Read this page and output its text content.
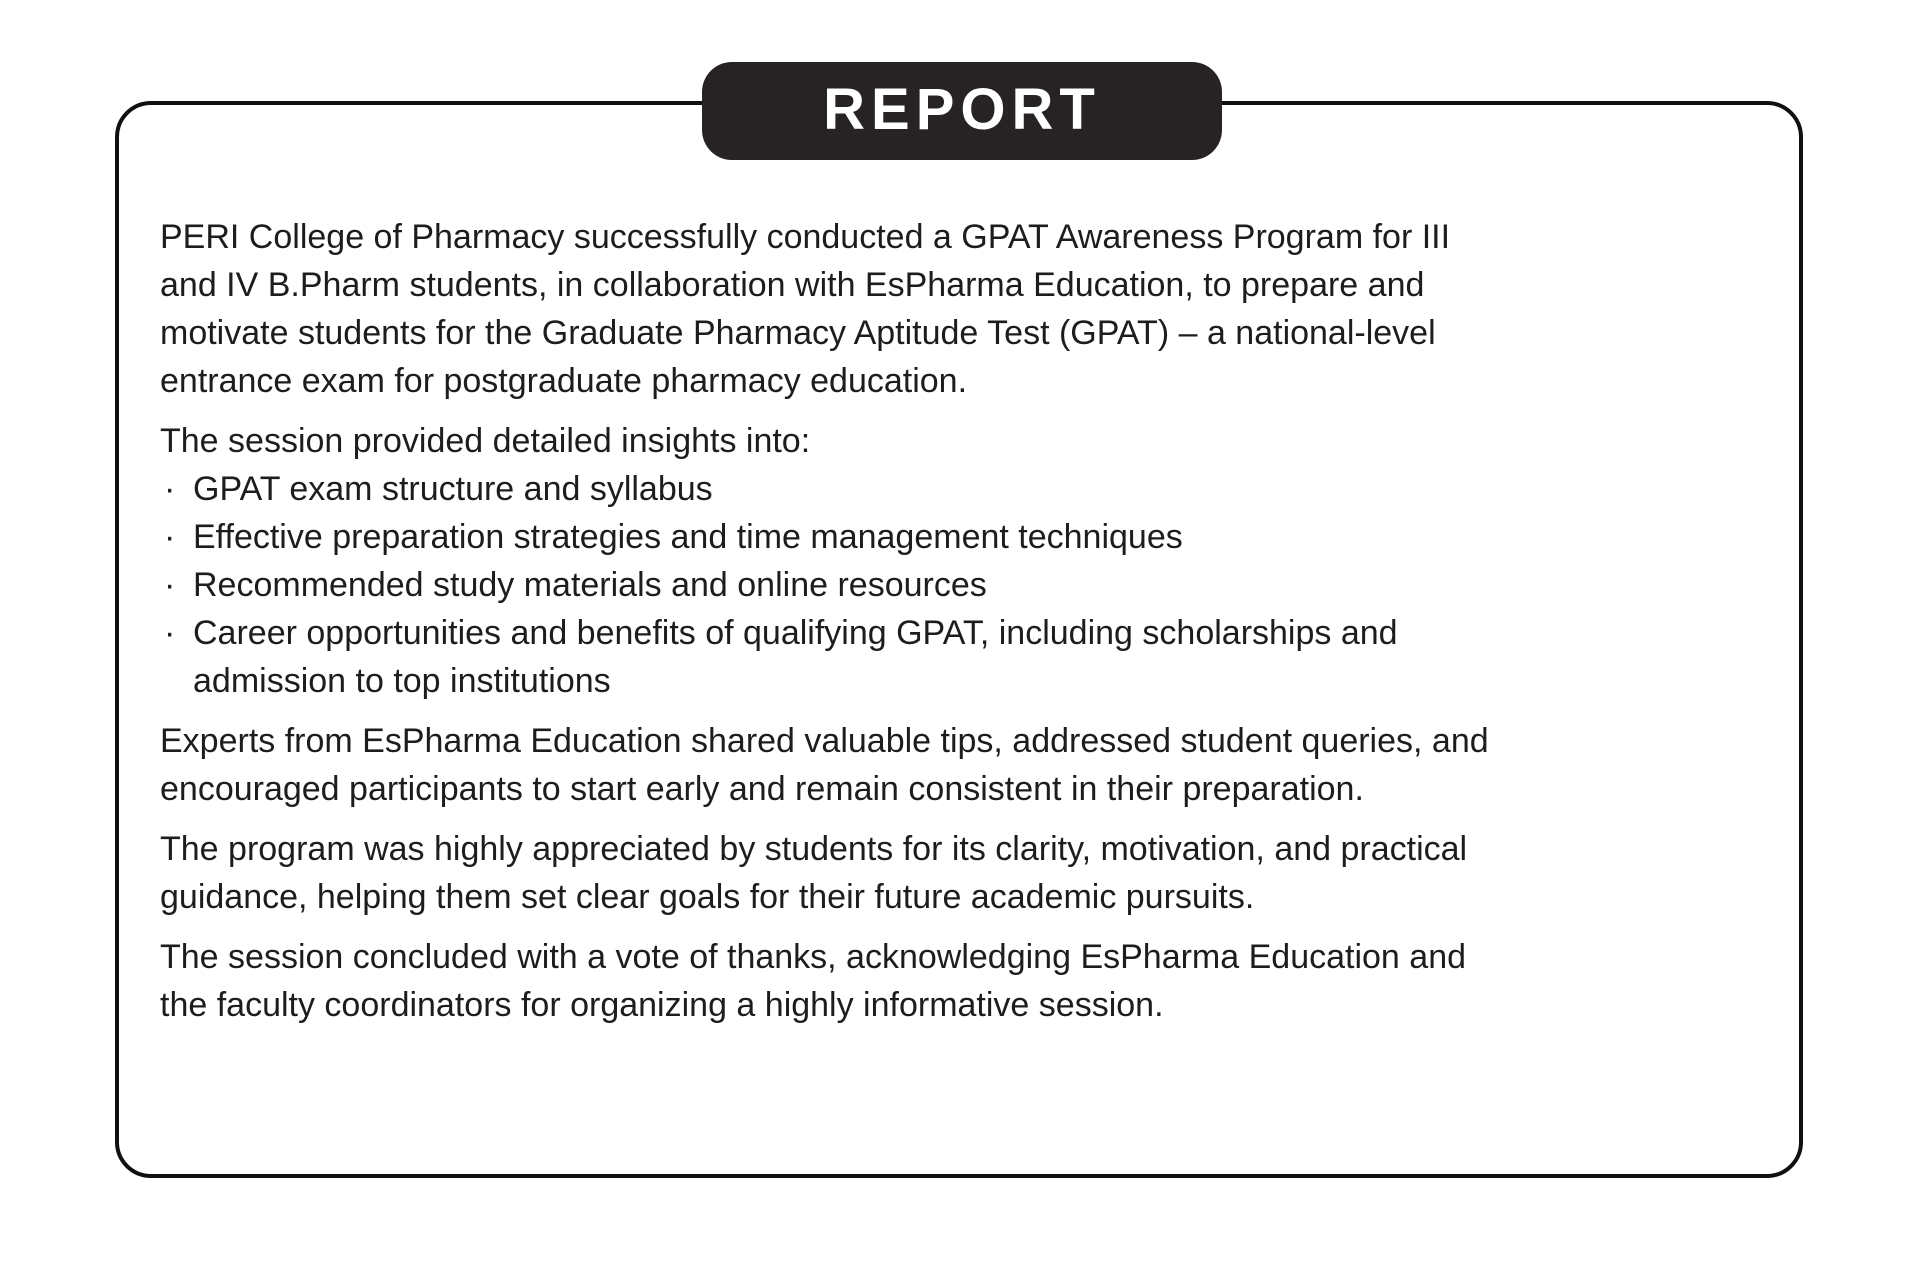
REPORT

PERI College of Pharmacy successfully conducted a GPAT Awareness Program for III
and IV B.Pharm students, in collaboration with EsPharma Education, to prepare and
motivate students for the Graduate Pharmacy Aptitude Test (GPAT) – a national-level
entrance exam for postgraduate pharmacy education.

The session provided detailed insights into:

· GPAT exam structure and syllabus
· Effective preparation strategies and time management techniques
· Recommended study materials and online resources
· Career opportunities and benefits of qualifying GPAT, including scholarships and
admission to top institutions

Experts from EsPharma Education shared valuable tips, addressed student queries, and
encouraged participants to start early and remain consistent in their preparation.

The program was highly appreciated by students for its clarity, motivation, and practical
guidance, helping them set clear goals for their future academic pursuits.

The session concluded with a vote of thanks, acknowledging EsPharma Education and
the faculty coordinators for organizing a highly informative session.
